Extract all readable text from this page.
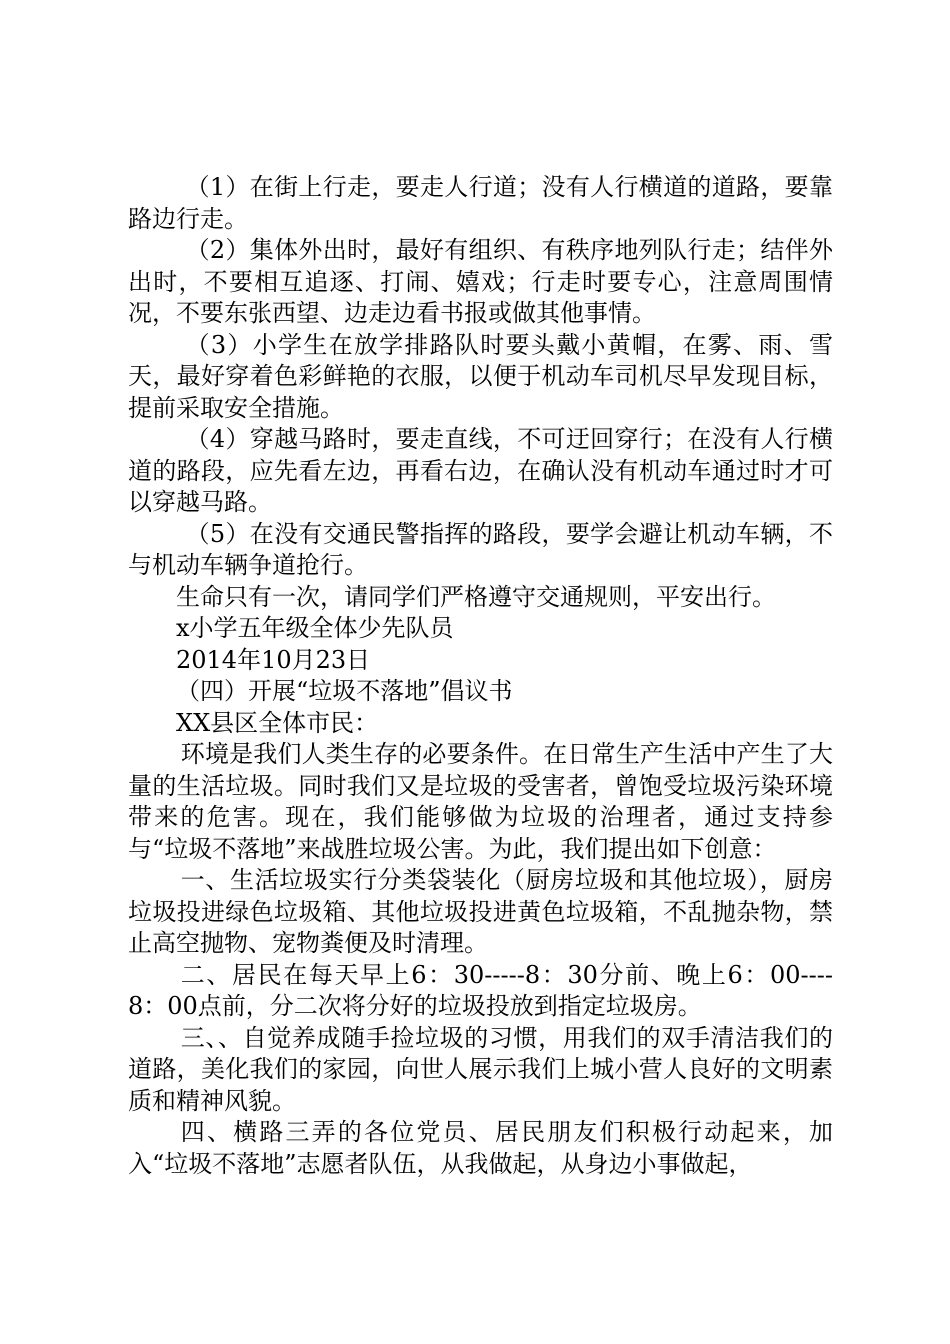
（1）在街上行走，要走人行道；没有人行横道的道路，要靠路边行走。

（2）集体外出时，最好有组织、有秩序地列队行走；结伴外出时，不要相互追逐、打闹、嬉戏；行走时要专心，注意周围情况，不要东张西望、边走边看书报或做其他事情。

（3）小学生在放学排路队时要头戴小黄帽，在雾、雨、雪天，最好穿着色彩鲜艳的衣服，以便于机动车司机尽早发现目标，提前采取安全措施。

（4）穿越马路时，要走直线，不可迂回穿行；在没有人行横道的路段，应先看左边，再看右边，在确认没有机动车通过时才可以穿越马路。

（5）在没有交通民警指挥的路段，要学会避让机动车辆，不与机动车辆争道抢行。

生命只有一次，请同学们严格遵守交通规则，平安出行。

x小学五年级全体少先队员

2014年10月23日

（四）开展“垃圾不落地”倡议书

XX县区全体市民：

环境是我们人类生存的必要条件。在日常生产生活中产生了大量的生活垃圾。同时我们又是垃圾的受害者，曾饱受垃圾污染环境带来的危害。现在，我们能够做为垃圾的治理者，通过支持参与“垃圾不落地”来战胜垃圾公害。为此，我们提出如下创意：

一、生活垃圾实行分类袋装化（厨房垃圾和其他垃圾），厨房垃圾投进绿色垃圾箱、其他垃圾投进黄色垃圾箱，不乱抛杂物，禁止高空抛物、宠物粪便及时清理。

二、居民在每天早上6：30-----8：30分前、晚上6：00----8：00点前，分二次将分好的垃圾投放到指定垃圾房。

三、、自觉养成随手捡垃圾的习惯，用我们的双手清洁我们的道路，美化我们的家园，向世人展示我们上城小营人良好的文明素质和精神风貌。

四、横路三弄的各位党员、居民朋友们积极行动起来，加入“垃圾不落地”志愿者队伍，从我做起，从身边小事做起，
